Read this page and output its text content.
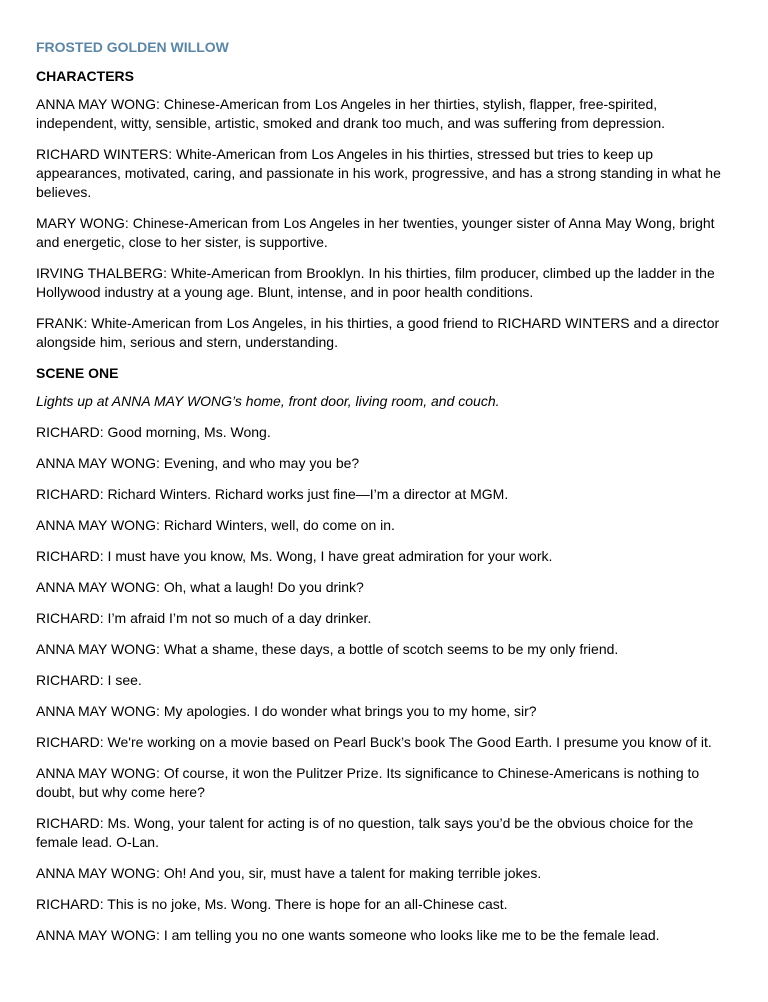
FROSTED GOLDEN WILLOW
CHARACTERS

ANNA MAY WONG: Chinese-American from Los Angeles in her thirties, stylish, flapper, free-spirited, independent, witty, sensible, artistic, smoked and drank too much, and was suffering from depression.

RICHARD WINTERS: White-American from Los Angeles in his thirties, stressed but tries to keep up appearances, motivated, caring, and passionate in his work, progressive, and has a strong standing in what he believes.

MARY WONG: Chinese-American from Los Angeles in her twenties, younger sister of Anna May Wong, bright and energetic, close to her sister, is supportive.

IRVING THALBERG: White-American from Brooklyn. In his thirties, film producer, climbed up the ladder in the Hollywood industry at a young age. Blunt, intense, and in poor health conditions.

FRANK: White-American from Los Angeles, in his thirties, a good friend to RICHARD WINTERS and a director alongside him, serious and stern, understanding.

SCENE ONE

Lights up at ANNA MAY WONG’s home, front door, living room, and couch.

RICHARD: Good morning, Ms. Wong.

ANNA MAY WONG: Evening, and who may you be?

RICHARD: Richard Winters. Richard works just fine—I’m a director at MGM.

ANNA MAY WONG: Richard Winters, well, do come on in.

RICHARD: I must have you know, Ms. Wong, I have great admiration for your work.

ANNA MAY WONG: Oh, what a laugh! Do you drink?

RICHARD: I’m afraid I’m not so much of a day drinker.

ANNA MAY WONG: What a shame, these days, a bottle of scotch seems to be my only friend.

RICHARD: I see.

ANNA MAY WONG: My apologies. I do wonder what brings you to my home, sir?

RICHARD: We're working on a movie based on Pearl Buck’s book The Good Earth. I presume you know of it.

ANNA MAY WONG: Of course, it won the Pulitzer Prize. Its significance to Chinese-Americans is nothing to doubt, but why come here?

RICHARD: Ms. Wong, your talent for acting is of no question, talk says you’d be the obvious choice for the female lead. O-Lan.

ANNA MAY WONG: Oh! And you, sir, must have a talent for making terrible jokes.

RICHARD: This is no joke, Ms. Wong. There is hope for an all-Chinese cast.

ANNA MAY WONG: I am telling you no one wants someone who looks like me to be the female lead.
